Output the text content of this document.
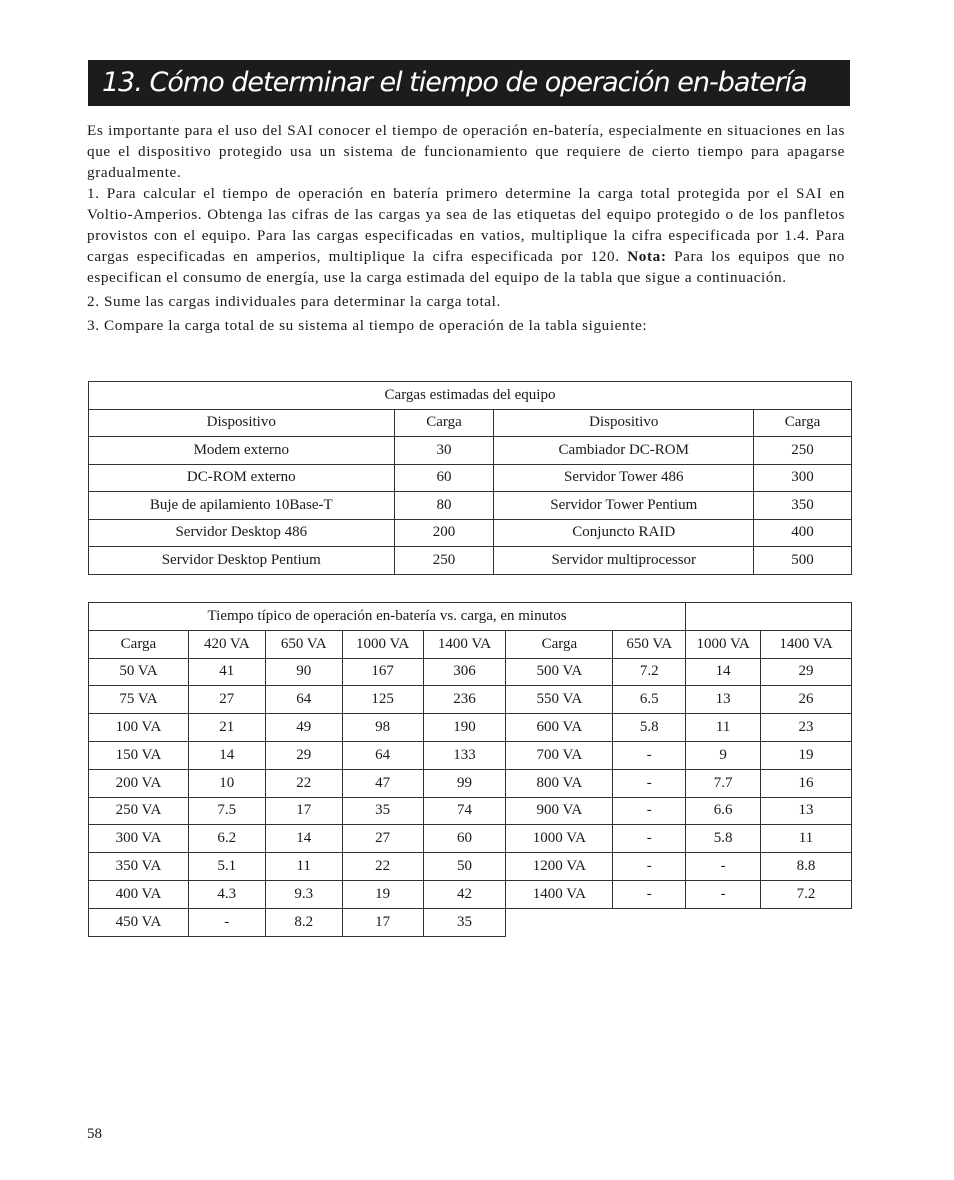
13. Cómo determinar el tiempo de operación en-batería

Es importante para el uso del SAI conocer el tiempo de operación en-batería, especialmente en situaciones en las que el dispositivo protegido usa un sistema de funcionamiento que requiere de cierto tiempo para apagarse gradualmente.

1. Para calcular el tiempo de operación en batería primero determine la carga total protegida por el SAI en Voltio-Amperios. Obtenga las cifras de las cargas ya sea de las etiquetas del equipo protegido o de los panfletos provistos con el equipo. Para las cargas especificadas en vatios, multiplique la cifra especificada por 1.4. Para cargas especificadas en amperios, multiplique la cifra especificada por 120. Nota: Para los equipos que no especifican el consumo de energía, use la carga estimada del equipo de la tabla que sigue a continuación.

2. Sume las cargas individuales para determinar la carga total.

3. Compare la carga total de su sistema al tiempo de operación de la tabla siguiente:

Cargas estimadas del equipo			
Dispositivo	Carga	Dispositivo	Carga
Modem externo	30	Cambiador DC-ROM	250
DC-ROM externo	60	Servidor Tower 486	300
Buje de apilamiento 10Base-T	80	Servidor Tower Pentium	350
Servidor Desktop 486	200	Conjuncto RAID	400
Servidor Desktop Pentium	250	Servidor multiprocessor	500
Tiempo típico de operación en-batería vs. carga, en minutos								
Carga	420 VA	650 VA	1000 VA	1400 VA	Carga	650 VA	1000 VA	1400 VA
50 VA	41	90	167	306	500 VA	7.2	14	29
75 VA	27	64	125	236	550 VA	6.5	13	26
100 VA	21	49	98	190	600 VA	5.8	11	23
150 VA	14	29	64	133	700 VA	-	9	19
200 VA	10	22	47	99	800 VA	-	7.7	16
250 VA	7.5	17	35	74	900 VA	-	6.6	13
300 VA	6.2	14	27	60	1000 VA	-	5.8	11
350 VA	5.1	11	22	50	1200 VA	-	-	8.8
400 VA	4.3	9.3	19	42	1400 VA	-	-	7.2
450 VA	-	8.2	17	35				
58
